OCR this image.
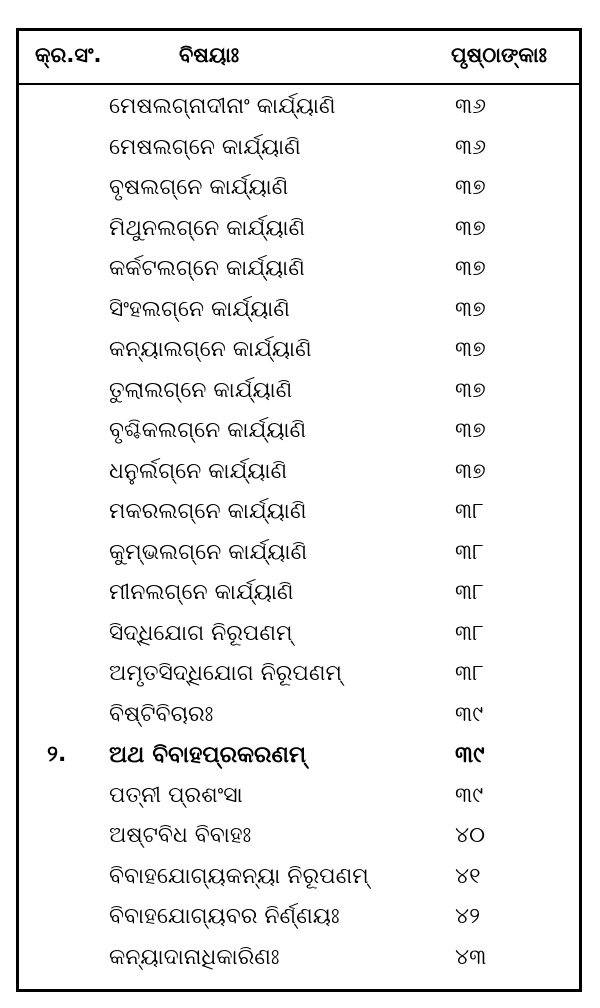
କ୍ର.ସଂ.	ବିଷୟାଃ	ପୃଷ୍ଠାଙ୍କାଃ
ମେଷଲଗ୍ନାଦୀନାଂ କାର୍ଯ୍ୟାଣି	୩୬
ମେଷଲଗ୍ନେ କାର୍ଯ୍ୟାଣି	୩୬
ବୃଷଲଗ୍ନେ କାର୍ଯ୍ୟାଣି	୩୭
ମିଥୁନଲଗ୍ନେ କାର୍ଯ୍ୟାଣି	୩୭
କର୍କଟଲଗ୍ନେ କାର୍ଯ୍ୟାଣି	୩୭
ସିଂହଲଗ୍ନେ କାର୍ଯ୍ୟାଣି	୩୭
କନ୍ୟାଲଗ୍ନେ କାର୍ଯ୍ୟାଣି	୩୭
ତୁଲାଲଗ୍ନେ କାର୍ଯ୍ୟାଣି	୩୭
ବୃଶ୍ଚିକଲଗ୍ନେ କାର୍ଯ୍ୟାଣି	୩୭
ଧନୁର୍ଲଗ୍ନେ କାର୍ଯ୍ୟାଣି	୩୭
ମକରଲଗ୍ନେ କାର୍ଯ୍ୟାଣି	୩୮
କୁମ୍ଭଲଗ୍ନେ କାର୍ଯ୍ୟାଣି	୩୮
ମୀନଲଗ୍ନେ କାର୍ଯ୍ୟାଣି	୩୮
ସିଦ୍ଧିଯୋଗ ନିରୂପଣମ୍	୩୮
ଅମୃତସିଦ୍ଧିଯୋଗ ନିରୂପଣମ୍	୩୮
ବିଷ୍ଟିବିଚାରଃ	୩୯
୨. ଅଥ ବିବାହପ୍ରକରଣମ୍	୩୯
ପତ୍ନୀ ପ୍ରଶଂସା	୩୯
ଅଷ୍ଟବିଧ ବିବାହଃ	୪୦
ବିବାହଯୋଗ୍ୟକନ୍ୟା ନିରୂପଣମ୍	୪୧
ବିବାହଯୋଗ୍ୟବର ନିର୍ଣ୍ଣୟଃ	୪୨
କନ୍ୟାଦାନାଧିକାରିଣଃ	୪୩
